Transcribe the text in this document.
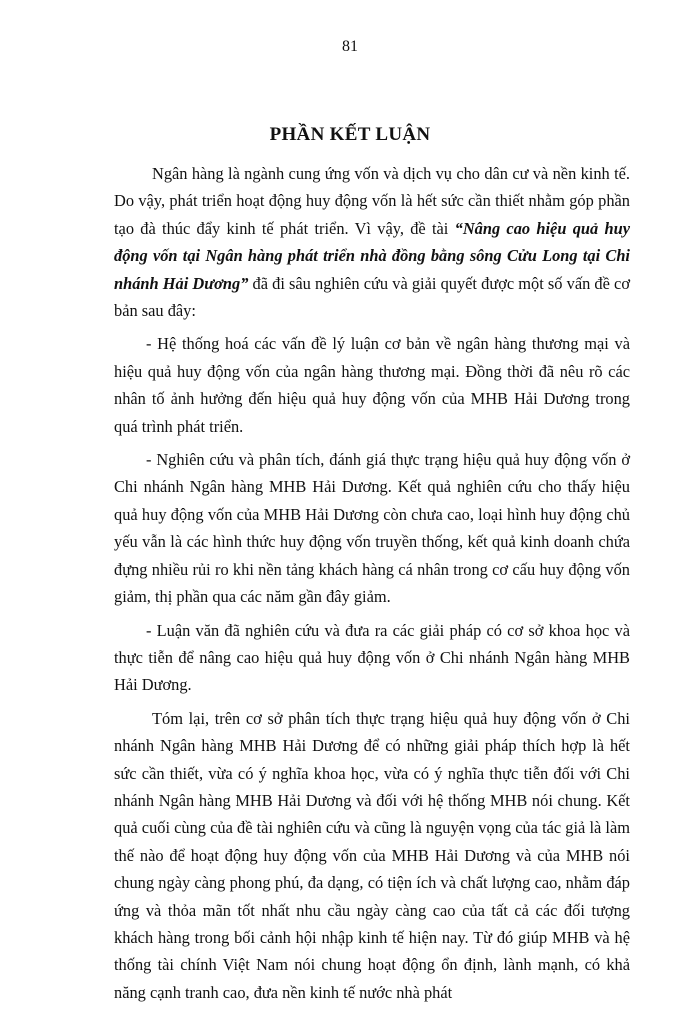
81
PHẦN KẾT LUẬN

Ngân hàng là ngành cung ứng vốn và dịch vụ cho dân cư và nền kinh tế. Do vậy, phát triển hoạt động huy động vốn là hết sức cần thiết nhằm góp phần tạo đà thúc đẩy kinh tế phát triển. Vì vậy, đề tài “Nâng cao hiệu quả huy động vốn tại Ngân hàng phát triển nhà đồng bằng sông Cửu Long tại Chi nhánh Hải Dương” đã đi sâu nghiên cứu và giải quyết được một số vấn đề cơ bản sau đây:

- Hệ thống hoá các vấn đề lý luận cơ bản về ngân hàng thương mại và hiệu quả huy động vốn của ngân hàng thương mại. Đồng thời đã nêu rõ các nhân tố ảnh hưởng đến hiệu quả huy động vốn của MHB Hải Dương trong quá trình phát triển.

- Nghiên cứu và phân tích, đánh giá thực trạng hiệu quả huy động vốn ở Chi nhánh Ngân hàng MHB Hải Dương. Kết quả nghiên cứu cho thấy hiệu quả huy động vốn của MHB Hải Dương còn chưa cao, loại hình huy động chủ yếu vẫn là các hình thức huy động vốn truyền thống, kết quả kinh doanh chứa đựng nhiều rủi ro khi nền tảng khách hàng cá nhân trong cơ cấu huy động vốn giảm, thị phần qua các năm gần đây giảm.

- Luận văn đã nghiên cứu và đưa ra các giải pháp có cơ sở khoa học và thực tiễn để nâng cao hiệu quả huy động vốn ở Chi nhánh Ngân hàng MHB Hải Dương.

Tóm lại, trên cơ sở phân tích thực trạng hiệu quả huy động vốn ở Chi nhánh Ngân hàng MHB Hải Dương để có những giải pháp thích hợp là hết sức cần thiết, vừa có ý nghĩa khoa học, vừa có ý nghĩa thực tiễn đối với Chi nhánh Ngân hàng MHB Hải Dương và đối với hệ thống MHB nói chung. Kết quả cuối cùng của đề tài nghiên cứu và cũng là nguyện vọng của tác giả là làm thế nào để hoạt động huy động vốn của MHB Hải Dương và của MHB nói chung ngày càng phong phú, đa dạng, có tiện ích và chất lượng cao, nhằm đáp ứng và thỏa mãn tốt nhất nhu cầu ngày càng cao của tất cả các đối tượng khách hàng trong bối cảnh hội nhập kinh tế hiện nay. Từ đó giúp MHB và hệ thống tài chính Việt Nam nói chung hoạt động ổn định, lành mạnh, có khả năng cạnh tranh cao, đưa nền kinh tế nước nhà phát
